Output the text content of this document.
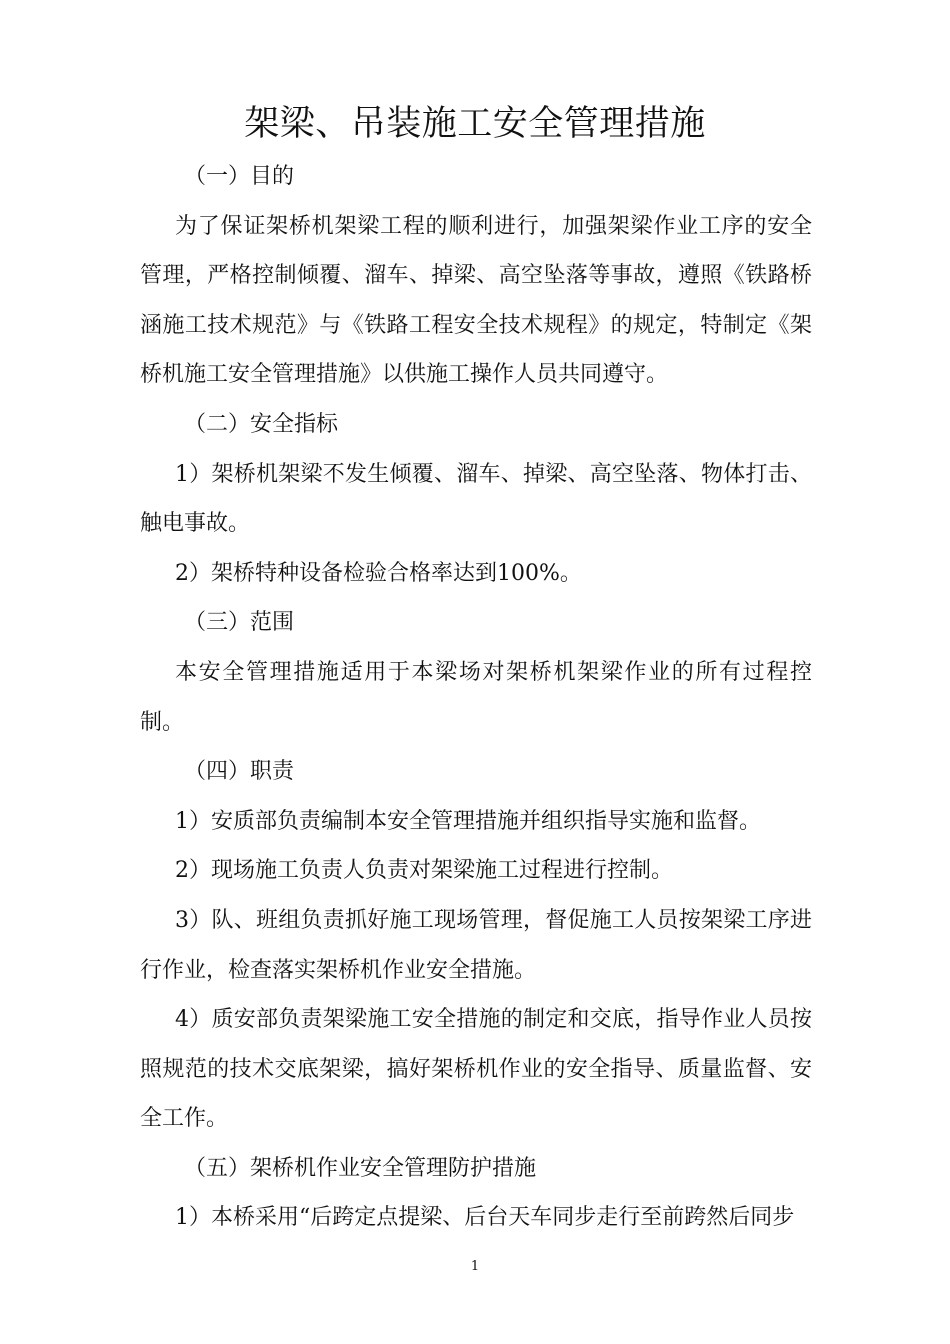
架梁、吊装施工安全管理措施

（一）目的

为了保证架桥机架梁工程的顺利进行，加强架梁作业工序的安全管理，严格控制倾覆、溜车、掉梁、高空坠落等事故，遵照《铁路桥涵施工技术规范》与《铁路工程安全技术规程》的规定，特制定《架桥机施工安全管理措施》以供施工操作人员共同遵守。

（二）安全指标

1）架桥机架梁不发生倾覆、溜车、掉梁、高空坠落、物体打击、触电事故。

2）架桥特种设备检验合格率达到100%。

（三）范围

本安全管理措施适用于本梁场对架桥机架梁作业的所有过程控制。

（四）职责

1）安质部负责编制本安全管理措施并组织指导实施和监督。

2）现场施工负责人负责对架梁施工过程进行控制。

3）队、班组负责抓好施工现场管理，督促施工人员按架梁工序进行作业，检查落实架桥机作业安全措施。

4）质安部负责架梁施工安全措施的制定和交底，指导作业人员按照规范的技术交底架梁，搞好架桥机作业的安全指导、质量监督、安全工作。

（五）架桥机作业安全管理防护措施

1）本桥采用“后跨定点提梁、后台天车同步走行至前跨然后同步

1
